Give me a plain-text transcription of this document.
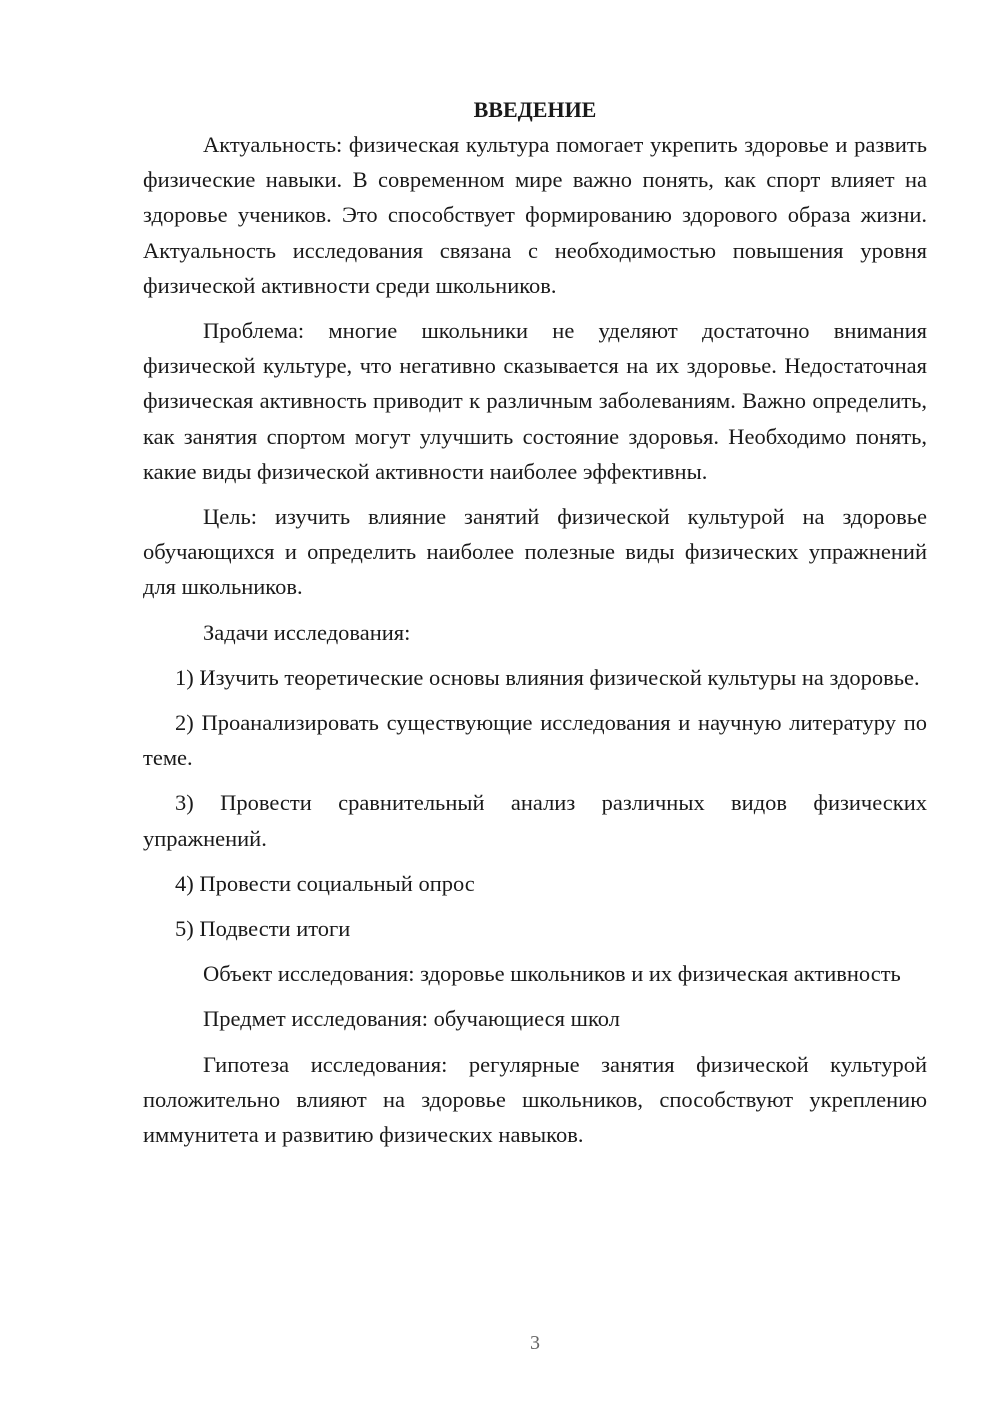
ВВЕДЕНИЕ

Актуальность: физическая культура помогает укрепить здоровье и развить физические навыки. В современном мире важно понять, как спорт влияет на здоровье учеников. Это способствует формированию здорового образа жизни. Актуальность исследования связана с необходимостью повышения уровня физической активности среди школьников.

Проблема: многие школьники не уделяют достаточно внимания физической культуре, что негативно сказывается на их здоровье. Недостаточная физическая активность приводит к различным заболеваниям. Важно определить, как занятия спортом могут улучшить состояние здоровья. Необходимо понять, какие виды физической активности наиболее эффективны.

Цель: изучить влияние занятий физической культурой на здоровье обучающихся и определить наиболее полезные виды физических упражнений для школьников.

Задачи исследования:

1) Изучить теоретические основы влияния физической культуры на здоровье.

2) Проанализировать существующие исследования и научную литературу по теме.

3) Провести сравнительный анализ различных видов физических упражнений.

4) Провести социальный опрос

5) Подвести итоги

Объект исследования: здоровье школьников и их физическая активность

Предмет исследования: обучающиеся школ

Гипотеза исследования: регулярные занятия физической культурой положительно влияют на здоровье школьников, способствуют укреплению иммунитета и развитию физических навыков.

3
